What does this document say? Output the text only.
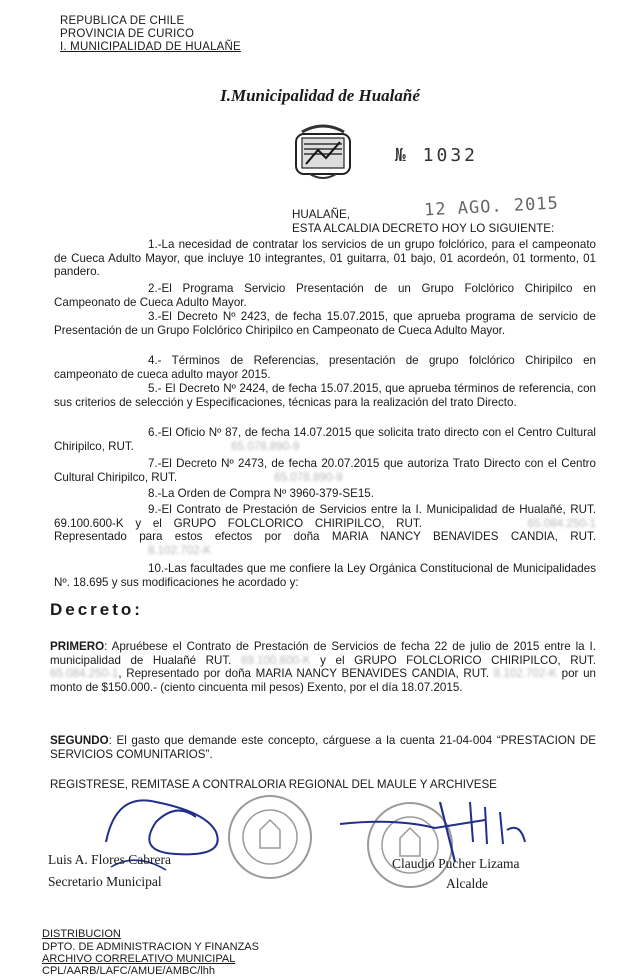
REPUBLICA DE CHILE
PROVINCIA DE CURICO
I. MUNICIPALIDAD DE HUALAÑE
I.Municipalidad de Hualañé
№ 1032
12 AGO. 2015
HUALAÑE,
ESTA ALCALDIA DECRETO HOY LO SIGUIENTE:
1.-La necesidad de contratar los servicios de un grupo folclórico, para el campeonato de Cueca Adulto Mayor, que incluye 10 integrantes, 01 guitarra, 01 bajo, 01 acordeón, 01 tormento, 01 pandero.
2.-El Programa Servicio Presentación de un Grupo Folclórico Chiripilco en Campeonato de Cueca Adulto Mayor.
3.-El Decreto Nº 2423, de fecha 15.07.2015, que aprueba programa de servicio de Presentación de un Grupo Folclórico Chiripilco en Campeonato de Cueca Adulto Mayor.
4.- Términos de Referencias, presentación de grupo folclórico Chiripilco en campeonato de cueca adulto mayor 2015.
5.- El Decreto Nº 2424, de fecha 15.07.2015, que aprueba términos de referencia, con sus criterios de selección y Especificaciones, técnicas para la realización del trato Directo.
6.-El Oficio Nº 87, de fecha 14.07.2015 que solicita trato directo con el Centro Cultural Chiripilco, RUT.	65.078.890-9
7.-El Decreto Nº 2473, de fecha 20.07.2015 que autoriza Trato Directo con el Centro Cultural Chiripilco, RUT.	65.078.890-9
8.-La Orden de Compra Nº 3960-379-SE15.
9.-El Contrato de Prestación de Servicios entre la I. Municipalidad de Hualañé, RUT. 69.100.600-K y el GRUPO FOLCLORICO CHIRIPILCO, RUT.	65.084.250-1 Representado para estos efectos por doña MARIA NANCY BENAVIDES CANDIA, RUT. 8.102.702-K
10.-Las facultades que me confiere la Ley Orgánica Constitucional de Municipalidades Nº. 18.695 y sus modificaciones he acordado y:
Decreto:
PRIMERO: Apruébese el Contrato de Prestación de Servicios de fecha 22 de julio de 2015 entre la I. municipalidad de Hualañé RUT. 69.100.600-K y el GRUPO FOLCLORICO CHIRIPILCO, RUT. 65.084.250-1, Representado por doña MARIA NANCY BENAVIDES CANDIA, RUT. 8.102.702-K por un monto de $150.000.- (ciento cincuenta mil pesos) Exento, por el día 18.07.2015.
SEGUNDO: El gasto que demande este concepto, cárguese a la cuenta 21-04-004 “PRESTACION DE SERVICIOS COMUNITARIOS”.
REGISTRESE, REMITASE A CONTRALORIA REGIONAL DEL MAULE Y ARCHIVESE
Luis A. Flores Cabrera
Secretario Municipal
Claudio Pucher Lizama
Alcalde
DISTRIBUCION
DPTO. DE ADMINISTRACION Y FINANZAS
ARCHIVO CORRELATIVO MUNICIPAL
CPL/AARB/LAFC/AMUE/AMBC/lhh
